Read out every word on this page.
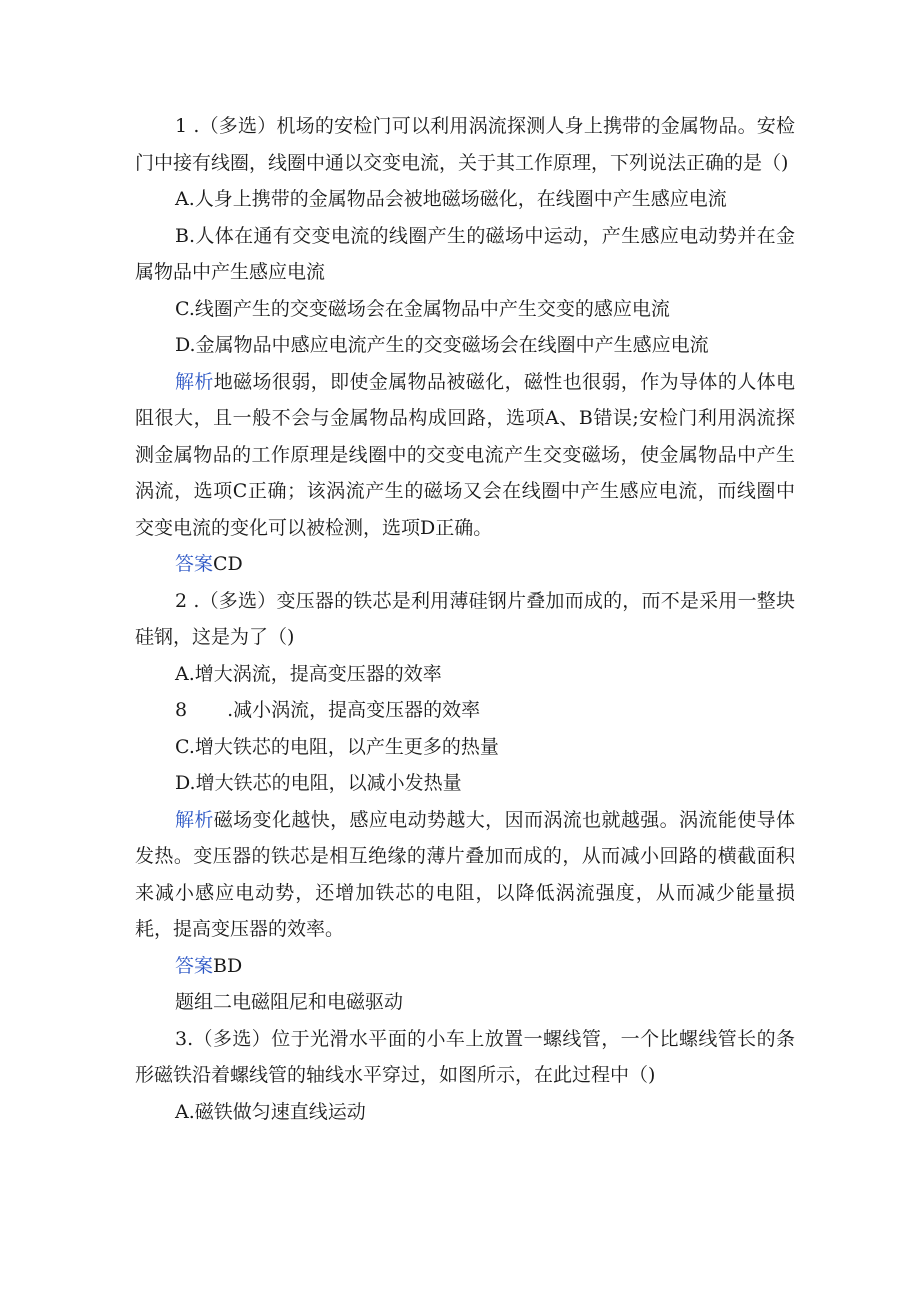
1 .（多选）机场的安检门可以利用涡流探测人身上携带的金属物品。安检门中接有线圈，线圈中通以交变电流，关于其工作原理，下列说法正确的是（)

A.人身上携带的金属物品会被地磁场磁化，在线圈中产生感应电流

B.人体在通有交变电流的线圈产生的磁场中运动，产生感应电动势并在金属物品中产生感应电流

C.线圈产生的交变磁场会在金属物品中产生交变的感应电流

D.金属物品中感应电流产生的交变磁场会在线圈中产生感应电流

解析地磁场很弱，即使金属物品被磁化，磁性也很弱，作为导体的人体电阻很大，且一般不会与金属物品构成回路，选项A、B错误;安检门利用涡流探测金属物品的工作原理是线圈中的交变电流产生交变磁场，使金属物品中产生涡流，选项C正确；该涡流产生的磁场又会在线圈中产生感应电流，而线圈中交变电流的变化可以被检测，选项D正确。

答案CD

2 .（多选）变压器的铁芯是利用薄硅钢片叠加而成的，而不是采用一整块硅钢，这是为了（)

A.增大涡流，提高变压器的效率

8 .减小涡流，提高变压器的效率

C.增大铁芯的电阻，以产生更多的热量

D.增大铁芯的电阻，以减小发热量

解析磁场变化越快，感应电动势越大，因而涡流也就越强。涡流能使导体发热。变压器的铁芯是相互绝缘的薄片叠加而成的，从而减小回路的横截面积来减小感应电动势，还增加铁芯的电阻，以降低涡流强度，从而减少能量损耗，提高变压器的效率。

答案BD

题组二电磁阻尼和电磁驱动

3.（多选）位于光滑水平面的小车上放置一螺线管，一个比螺线管长的条形磁铁沿着螺线管的轴线水平穿过，如图所示，在此过程中（)

A.磁铁做匀速直线运动
